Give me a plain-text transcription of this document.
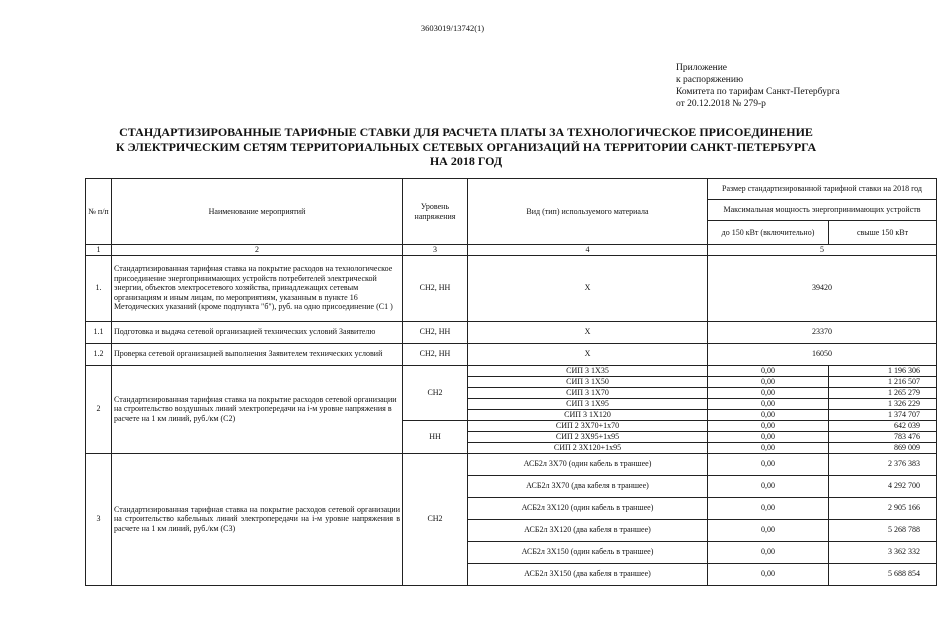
3603019/13742(1)
Приложение
к распоряжению
Комитета по тарифам Санкт-Петербурга
от 20.12.2018 № 279-р
СТАНДАРТИЗИРОВАННЫЕ ТАРИФНЫЕ СТАВКИ ДЛЯ РАСЧЕТА ПЛАТЫ ЗА ТЕХНОЛОГИЧЕСКОЕ ПРИСОЕДИНЕНИЕ
К ЭЛЕКТРИЧЕСКИМ СЕТЯМ ТЕРРИТОРИАЛЬНЫХ СЕТЕВЫХ ОРГАНИЗАЦИЙ НА ТЕРРИТОРИИ САНКТ-ПЕТЕРБУРГА
НА 2018 ГОД
№ п/п	Наименование мероприятий	Уровень напряжения	Вид (тип) используемого материала	Размер стандартизированной тарифной ставки на 2018 год	
				Максимальная мощность энергопринимающих устройств	
				до 150 кВт (включительно)	свыше 150 кВт

1	2	3	4	5	
1.	Стандартизированная тарифная ставка на покрытие расходов на технологическое присоединение энергопринимающих устройств потребителей электрической энергии, объектов электросетевого хозяйства, принадлежащих сетевым организациям и иным лицам, по мероприятиям, указанным в пункте 16 Методических указаний (кроме подпункта "б"), руб. на одно присоединение (С1 )	СН2, НН	X	39420	
1.1	Подготовка и выдача сетевой организацией технических условий Заявителю	СН2, НН	X	23370	
1.2	Проверка сетевой организацией выполнения Заявителем технических условий	СН2, НН	X	16050	
2	Стандартизированная тарифная ставка на покрытие расходов сетевой организации на строительство воздушных линий электропередачи на i-м уровне напряжения в расчете на 1 км линий, руб./км (С2)	СН2	СИП 3 1Х35	0,00	1 196 306
			СИП 3 1Х50	0,00	1 216 507
			СИП 3 1Х70	0,00	1 265 279
			СИП 3 1Х95	0,00	1 326 229
			СИП 3 1Х120	0,00	1 374 707
		НН	СИП 2 3Х70+1х70	0,00	642 039
			СИП 2 3Х95+1х95	0,00	783 476
			СИП 2 3Х120+1х95	0,00	869 009
3	Стандартизированная тарифная ставка на покрытие расходов сетевой организации на строительство кабельных линий электропередачи на i-м уровне напряжения в расчете на 1 км линий, руб./км (С3)	СН2	АСБ2л 3Х70 (один кабель в траншее)	0,00	2 376 383
			АСБ2л 3Х70 (два кабеля в траншее)	0,00	4 292 700
			АСБ2л 3Х120 (один кабель в траншее)	0,00	2 905 166
			АСБ2л 3Х120 (два кабеля в траншее)	0,00	5 268 788
			АСБ2л 3Х150 (один кабель в траншее)	0,00	3 362 332
			АСБ2л 3Х150 (два кабеля в траншее)	0,00	5 688 854
